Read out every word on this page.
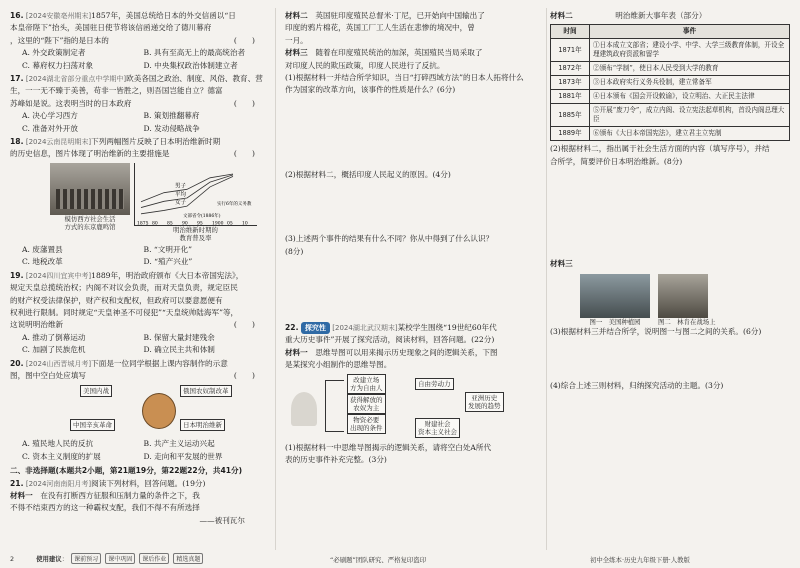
16. [2024安徽亳州期末]1857年，美国总统给日本的外交信函以“日
本皇帝陛下”抬头，美国驻日使节将该信函递交给了德川幕府
，这里的“陛下”指的是日本的	(　　)
A. 外交政策制定者	B. 具有至高无上的最高统治者
C. 幕府权力扫荡对象	D. 中央集权政治体制建立者
17. [2024湖北省部分重点中学期中]欧美各国之政治、制度、风俗、教育、营
生，一一无不臻于美善，苟非一皆胜之，则吾国岂能自立？德富
苏峰如是说。这表明当时的日本政府	(　　)
A. 决心学习西方	B. 策划推翻幕府
C. 准备对外开放	D. 发动侵略战争
18. [2024云南昆明期末]下列两幅图片反映了日本明治维新时期
的历史信息，图片体现了明治维新的主要措施是	(　　)
模仿西方社会生活
方式的东京鹿鸣馆
男子
平均
女子
文部省令(1886年)
实行6年的义务教
1875 80 85 90 95 1900 05 10
明治维新时期的
教育普及率
A. 废藩置县	B. “文明开化”
C. 地税改革	D. “殖产兴业”
19. [2024四川宜宾中考]1889年，明治政府颁布《大日本帝国宪法》，
规定天皇总揽统治权；内阁不对议会负责，而对天皇负责，规定臣民
的财产权受法律保护，财产权和支配权，但政府可以要意愿便有
权利进行限制。同时规定“天皇神圣不可侵犯”“天皇统帅陆海军”等，
这说明明治维新	(　　)
A. 推动了倒幕运动	B. 保留大量封建残余
C. 加剧了民族危机	D. 确立民主共和体制
20. [2024山西晋城月考]下面是一位同学根据上课内容制作的示意
图，图中空白处应填写	(　　)
美国内战	俄国农奴制改革
中国辛亥革命	日本明治维新
A. 殖民地人民的反抗	B. 共产主义运动兴起
C. 资本主义制度的扩展	D. 走向和平发展的世界
二、非选择题(本题共2小题，第21题19分，第22题22分，共41分)
21. [2024河南南阳月考]阅读下列材料，回答问题。(19分)
材料一　 在没有打断西方征服和压制力量的条件之下，我
不得不结束西方的这一种霸权支配，我们不得不有所选择

——被刊瓦尔
材料二　 英国驻印度殖民总督米·丁尼，已开始向中国输出了
印度的鸦片棉花，英国工厂工人生活在悲惨的境况中，曾
一月。
材料三　 随着在印度殖民统治的加深，英国殖民当局采取了
对印度人民的欺压政策，印度人民进行了反抗。
(1)根据材料一并结合所学知识，当日“打碎西域方法”的日本人拓将什么
作为国家的改革方向，该事件的性质是什么？(6分)
(2)根据材料二，概括印度人民起义的原因。(4分)
(3)上述两个事件的结果有什么不同？你从中得到了什么认识？
(8分)
22. 探究性 [2024湖北武汉期末]某校学生围绕“19世纪60年代
重大历史事件”开展了探究活动，阅读材料，回答问题。(22分)
材料一　 思维导图可以用来揭示历史现象之间的逻辑关系，下图
是某探究小组制作的思维导图。
改建立场
方为自由人	自由劳动力
获得解放的
农奴为主
亚洲历史
发展的趋势
物资必要
出现的条件	财建社会
资本主义社会
(1)根据材料一中思维导图揭示的逻辑关系，请将空白处A所代
表的历史事件补充完整。(3分)
材料二	明治维新大事年表（部分）
时间	事件
1871年	①日本成立文部省；建设小学、中学、大学三级教育体制，开设全理建筑政府资派和留学
1872年	②颁布“学制”，使日本人民受到大学的教育
1873年	③日本政府实行义务兵役制，建立常备军
1881年	④日本颁布《国会开设敕谕》，设立明治、大正民主法律
1885年	⑤开展“废刀令”，成立内阁、设立宪法起草机构，首设内阁总理大臣
1889年	⑥颁布《大日本帝国宪法》，建立君主立宪制
(2)根据材料二，指出属于社会生活方面的内容（填写序号），并结
合所学，简要评价日本明治维新。(8分)
材料三
图一　美国种植园	图二　林肯在战场上
(3)根据材料三并结合所学，说明图一与图二之间的关系。(6分)
(4)综合上述三则材料，归纳探究活动的主题。(3分)
2	使用建议： 课前预习 课中巩固 课后作业 精选真题	“必刷题”团队研究、严格复印盗印	初中全练本·历史九年级下册·人教版
